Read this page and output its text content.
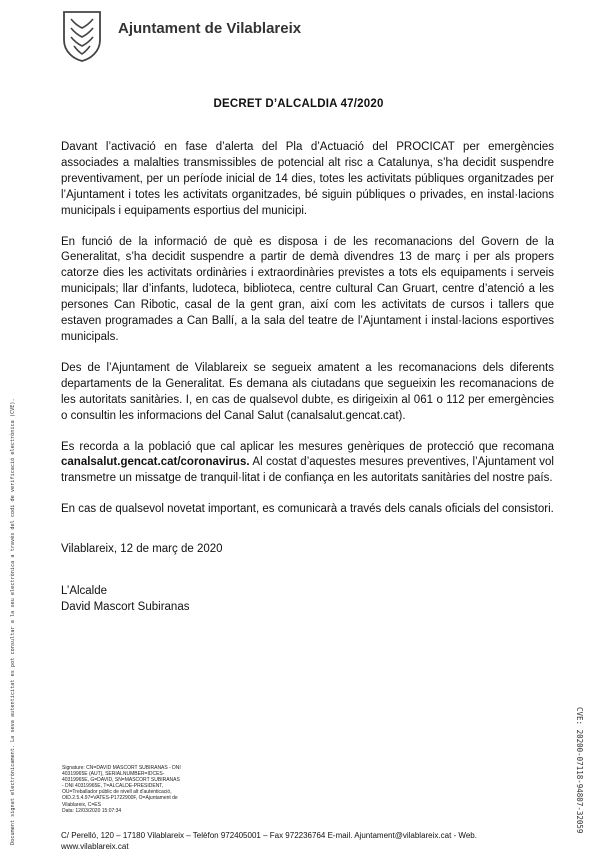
Ajuntament de Vilablareix
DECRET D’ALCALDIA 47/2020

Davant l’activació en fase d’alerta del Pla d’Actuació del PROCICAT per emergències associades a malalties transmissibles de potencial alt risc a Catalunya, s’ha decidit suspendre preventivament, per un període inicial de 14 dies, totes les activitats públiques organitzades per l’Ajuntament i totes les activitats organitzades, bé siguin públiques o privades, en instal·lacions municipals i equipaments esportius del municipi.

En funció de la informació de què es disposa i de les recomanacions del Govern de la Generalitat, s’ha decidit suspendre a partir de demà divendres 13 de març i per als propers catorze dies les activitats ordinàries i extraordinàries previstes a tots els equipaments i serveis municipals; llar d’infants, ludoteca, biblioteca, centre cultural Can Gruart, centre d’atenció a les persones Can Ribotic, casal de la gent gran, així com les activitats de cursos i tallers que estaven programades a Can Ballí, a la sala del teatre de l’Ajuntament i instal·lacions esportives municipals.

Des de l’Ajuntament de Vilablareix se segueix amatent a les recomanacions dels diferents departaments de la Generalitat. Es demana als ciutadans que segueixin les recomanacions de les autoritats sanitàries. I, en cas de qualsevol dubte, es dirigeixin al 061 o 112 per emergències o consultin les informacions del Canal Salut (canalsalut.gencat.cat).

Es recorda a la població que cal aplicar les mesures genèriques de protecció que recomana canalsalut.gencat.cat/coronavirus. Al costat d’aquestes mesures preventives, l’Ajuntament vol transmetre un missatge de tranquil·litat i de confiança en les autoritats sanitàries del nostre país.

En cas de qualsevol novetat important, es comunicarà a través dels canals oficials del consistori.

Vilablareix, 12 de març de 2020
L’Alcalde
David Mascort Subiranas
Signature: CN=DAVID MASCORT SUBIRANAS - DNI
40319965E (AUT), SERIALNUMBER=IDCES-
40319965E, G=DAVID, SN=MASCORT SUBIRANAS
- DNI 40319965E, T=ALCALDE-PRESIDENT,
OU=Treballador públic de nivell alt d'autenticació,
OID.2.5.4.97=VATES-P1722900F, O=Ajuntament de
Vilablareix, C=ES
Data: 12/03/2020 15:07:34
C/ Perelló, 120 – 17180 Vilablareix – Telèfon 972405001 – Fax 972236764 E-mail. Ajuntament@vilablareix.cat - Web.
www.vilablareix.cat
Document signat electrònicament. La seva autenticitat es pot consultar a la seu electrònica a través del codi de verificació electrònica (CVE).	CVE: 20200-07118-94807-32059
